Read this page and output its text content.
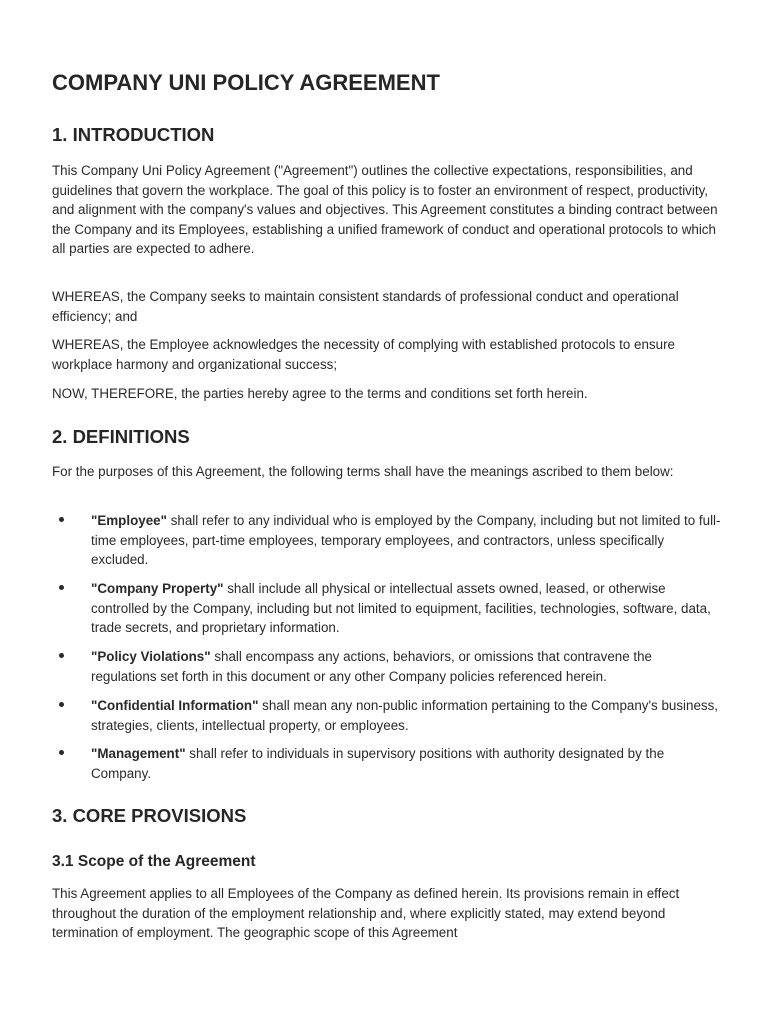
COMPANY UNI POLICY AGREEMENT
1. INTRODUCTION

This Company Uni Policy Agreement ("Agreement") outlines the collective expectations, responsibilities, and guidelines that govern the workplace. The goal of this policy is to foster an environment of respect, productivity, and alignment with the company's values and objectives. This Agreement constitutes a binding contract between the Company and its Employees, establishing a unified framework of conduct and operational protocols to which all parties are expected to adhere.

WHEREAS, the Company seeks to maintain consistent standards of professional conduct and operational efficiency; and

WHEREAS, the Employee acknowledges the necessity of complying with established protocols to ensure workplace harmony and organizational success;

NOW, THEREFORE, the parties hereby agree to the terms and conditions set forth herein.

2. DEFINITIONS

For the purposes of this Agreement, the following terms shall have the meanings ascribed to them below:

"Employee" shall refer to any individual who is employed by the Company, including but not limited to full-time employees, part-time employees, temporary employees, and contractors, unless specifically excluded.

"Company Property" shall include all physical or intellectual assets owned, leased, or otherwise controlled by the Company, including but not limited to equipment, facilities, technologies, software, data, trade secrets, and proprietary information.

"Policy Violations" shall encompass any actions, behaviors, or omissions that contravene the regulations set forth in this document or any other Company policies referenced herein.

"Confidential Information" shall mean any non-public information pertaining to the Company's business, strategies, clients, intellectual property, or employees.

"Management" shall refer to individuals in supervisory positions with authority designated by the Company.

3. CORE PROVISIONS
3.1 Scope of the Agreement

This Agreement applies to all Employees of the Company as defined herein. Its provisions remain in effect throughout the duration of the employment relationship and, where explicitly stated, may extend beyond termination of employment. The geographic scope of this Agreement
